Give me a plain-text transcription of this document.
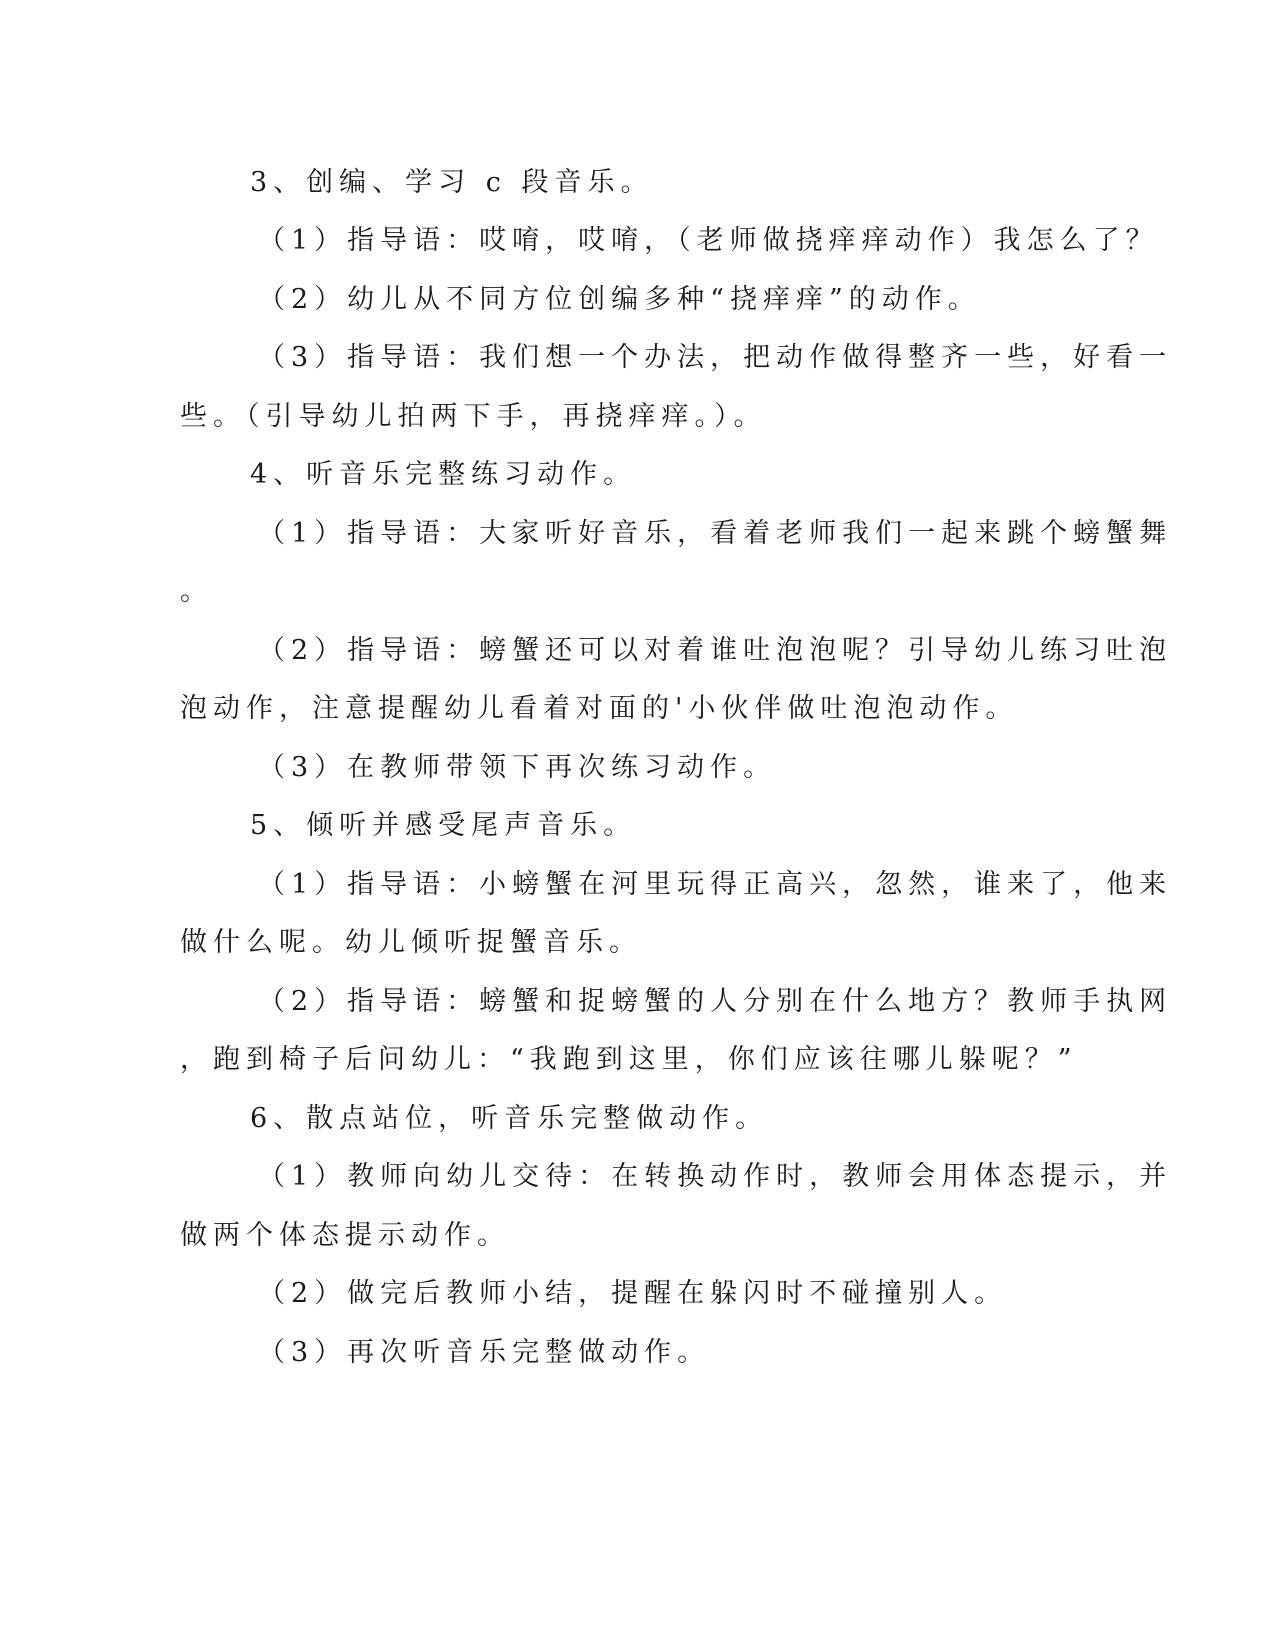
3、创编、学习 c 段音乐。
（1）指导语：哎唷，哎唷，（老师做挠痒痒动作）我怎么了？
（2）幼儿从不同方位创编多种“挠痒痒”的动作。
（3）指导语：我们想一个办法，把动作做得整齐一些，好看一
些。（引导幼儿拍两下手，再挠痒痒。）。
4、听音乐完整练习动作。
（1）指导语：大家听好音乐，看着老师我们一起来跳个螃蟹舞
。
（2）指导语：螃蟹还可以对着谁吐泡泡呢？引导幼儿练习吐泡
泡动作，注意提醒幼儿看着对面的'小伙伴做吐泡泡动作。
（3）在教师带领下再次练习动作。
5、倾听并感受尾声音乐。
（1）指导语：小螃蟹在河里玩得正高兴，忽然，谁来了，他来
做什么呢。幼儿倾听捉蟹音乐。
（2）指导语：螃蟹和捉螃蟹的人分别在什么地方？教师手执网
，跑到椅子后问幼儿：“我跑到这里，你们应该往哪儿躲呢？”
6、散点站位，听音乐完整做动作。
（1）教师向幼儿交待：在转换动作时，教师会用体态提示，并
做两个体态提示动作。
（2）做完后教师小结，提醒在躲闪时不碰撞别人。
（3）再次听音乐完整做动作。
